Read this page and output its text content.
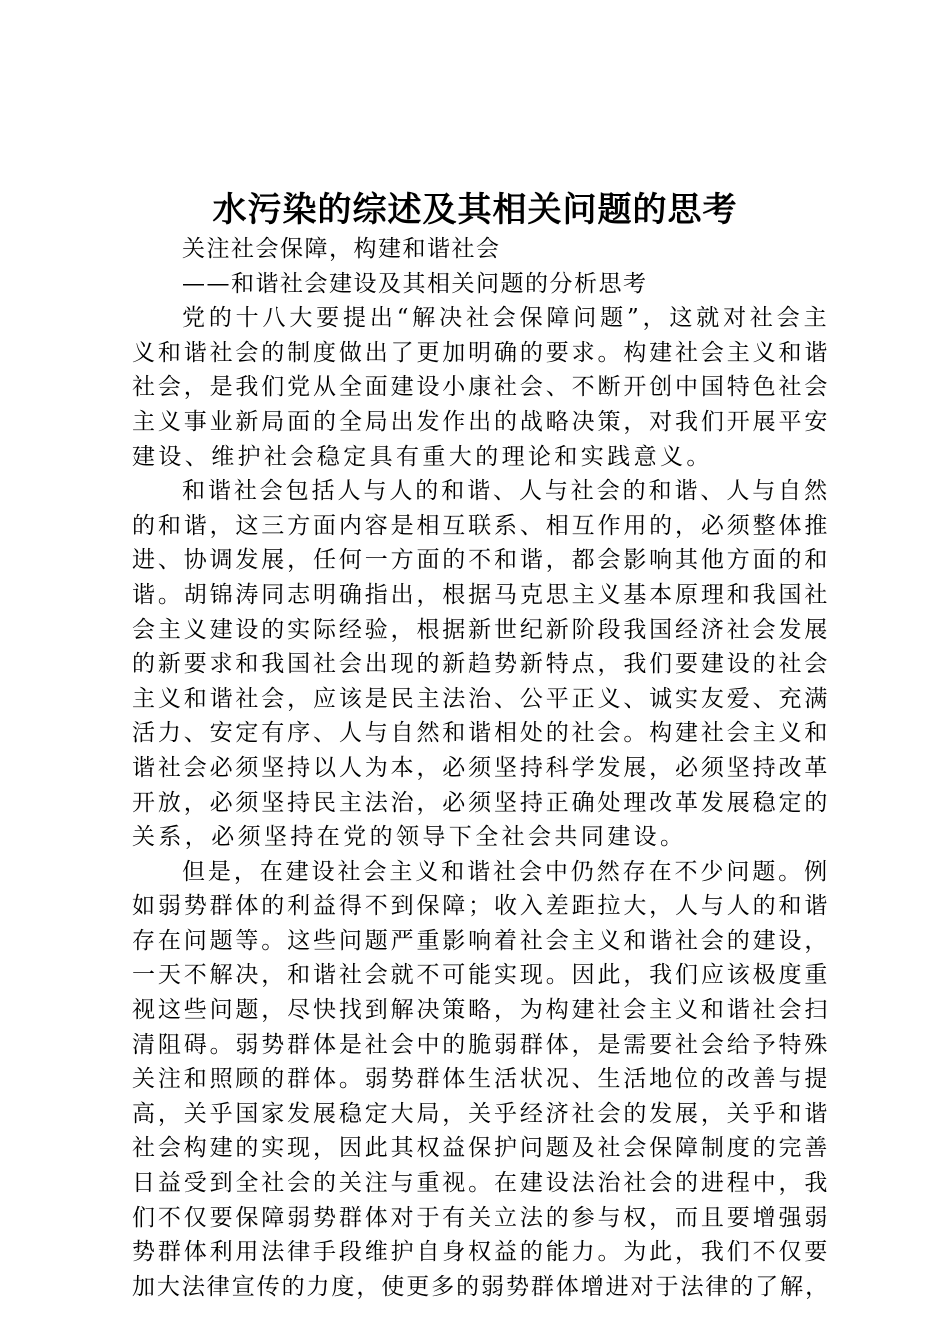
水污染的综述及其相关问题的思考
关注社会保障，构建和谐社会
——和谐社会建设及其相关问题的分析思考
党的十八大要提出“解决社会保障问题”，这就对社会主
义和谐社会的制度做出了更加明确的要求。构建社会主义和谐
社会，是我们党从全面建设小康社会、不断开创中国特色社会
主义事业新局面的全局出发作出的战略决策，对我们开展平安
建设、维护社会稳定具有重大的理论和实践意义。
和谐社会包括人与人的和谐、人与社会的和谐、人与自然
的和谐，这三方面内容是相互联系、相互作用的，必须整体推
进、协调发展，任何一方面的不和谐，都会影响其他方面的和
谐。胡锦涛同志明确指出，根据马克思主义基本原理和我国社
会主义建设的实际经验，根据新世纪新阶段我国经济社会发展
的新要求和我国社会出现的新趋势新特点，我们要建设的社会
主义和谐社会，应该是民主法治、公平正义、诚实友爱、充满
活力、安定有序、人与自然和谐相处的社会。构建社会主义和
谐社会必须坚持以人为本，必须坚持科学发展，必须坚持改革
开放，必须坚持民主法治，必须坚持正确处理改革发展稳定的
关系，必须坚持在党的领导下全社会共同建设。
但是，在建设社会主义和谐社会中仍然存在不少问题。例
如弱势群体的利益得不到保障；收入差距拉大，人与人的和谐
存在问题等。这些问题严重影响着社会主义和谐社会的建设，
一天不解决，和谐社会就不可能实现。因此，我们应该极度重
视这些问题，尽快找到解决策略，为构建社会主义和谐社会扫
清阻碍。弱势群体是社会中的脆弱群体，是需要社会给予特殊
关注和照顾的群体。弱势群体生活状况、生活地位的改善与提
高，关乎国家发展稳定大局，关乎经济社会的发展，关乎和谐
社会构建的实现，因此其权益保护问题及社会保障制度的完善
日益受到全社会的关注与重视。在建设法治社会的进程中，我
们不仅要保障弱势群体对于有关立法的参与权，而且要增强弱
势群体利用法律手段维护自身权益的能力。为此，我们不仅要
加大法律宣传的力度，使更多的弱势群体增进对于法律的了解，
